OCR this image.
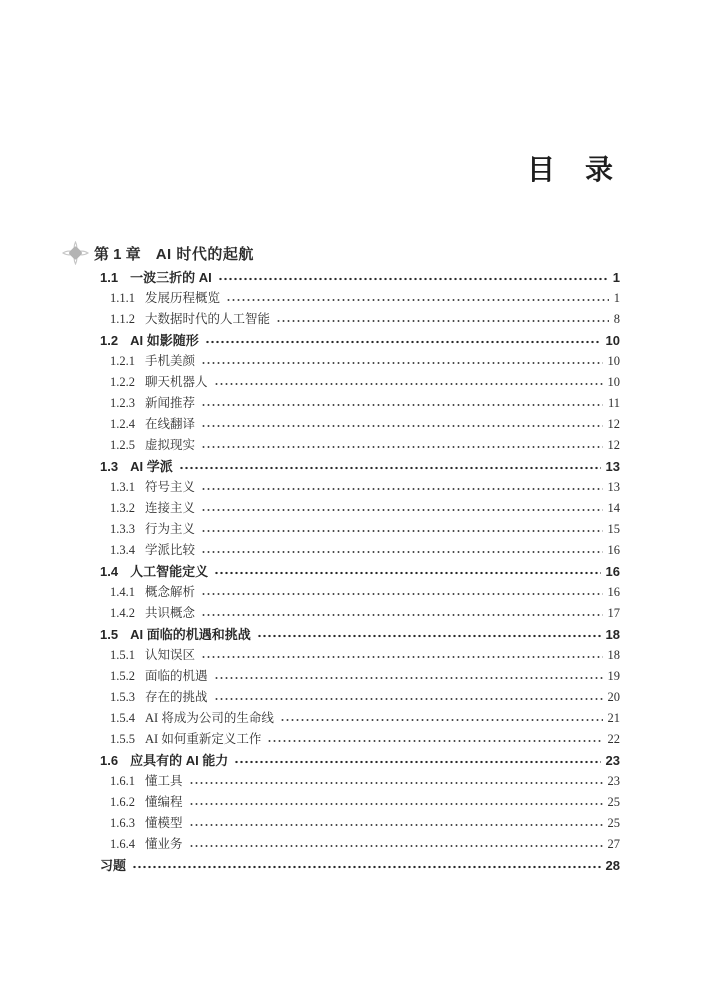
目　录
第 1 章 AI 时代的起航
1.1 一波三折的 AI	1
1.1.1 发展历程概览	1
1.1.2 大数据时代的人工智能	8
1.2 AI 如影随形	10
1.2.1 手机美颜	10
1.2.2 聊天机器人	10
1.2.3 新闻推荐	11
1.2.4 在线翻译	12
1.2.5 虚拟现实	12
1.3 AI 学派	13
1.3.1 符号主义	13
1.3.2 连接主义	14
1.3.3 行为主义	15
1.3.4 学派比较	16
1.4 人工智能定义	16
1.4.1 概念解析	16
1.4.2 共识概念	17
1.5 AI 面临的机遇和挑战	18
1.5.1 认知误区	18
1.5.2 面临的机遇	19
1.5.3 存在的挑战	20
1.5.4 AI 将成为公司的生命线	21
1.5.5 AI 如何重新定义工作	22
1.6 应具有的 AI 能力	23
1.6.1 懂工具	23
1.6.2 懂编程	25
1.6.3 懂模型	25
1.6.4 懂业务	27
习题	28
